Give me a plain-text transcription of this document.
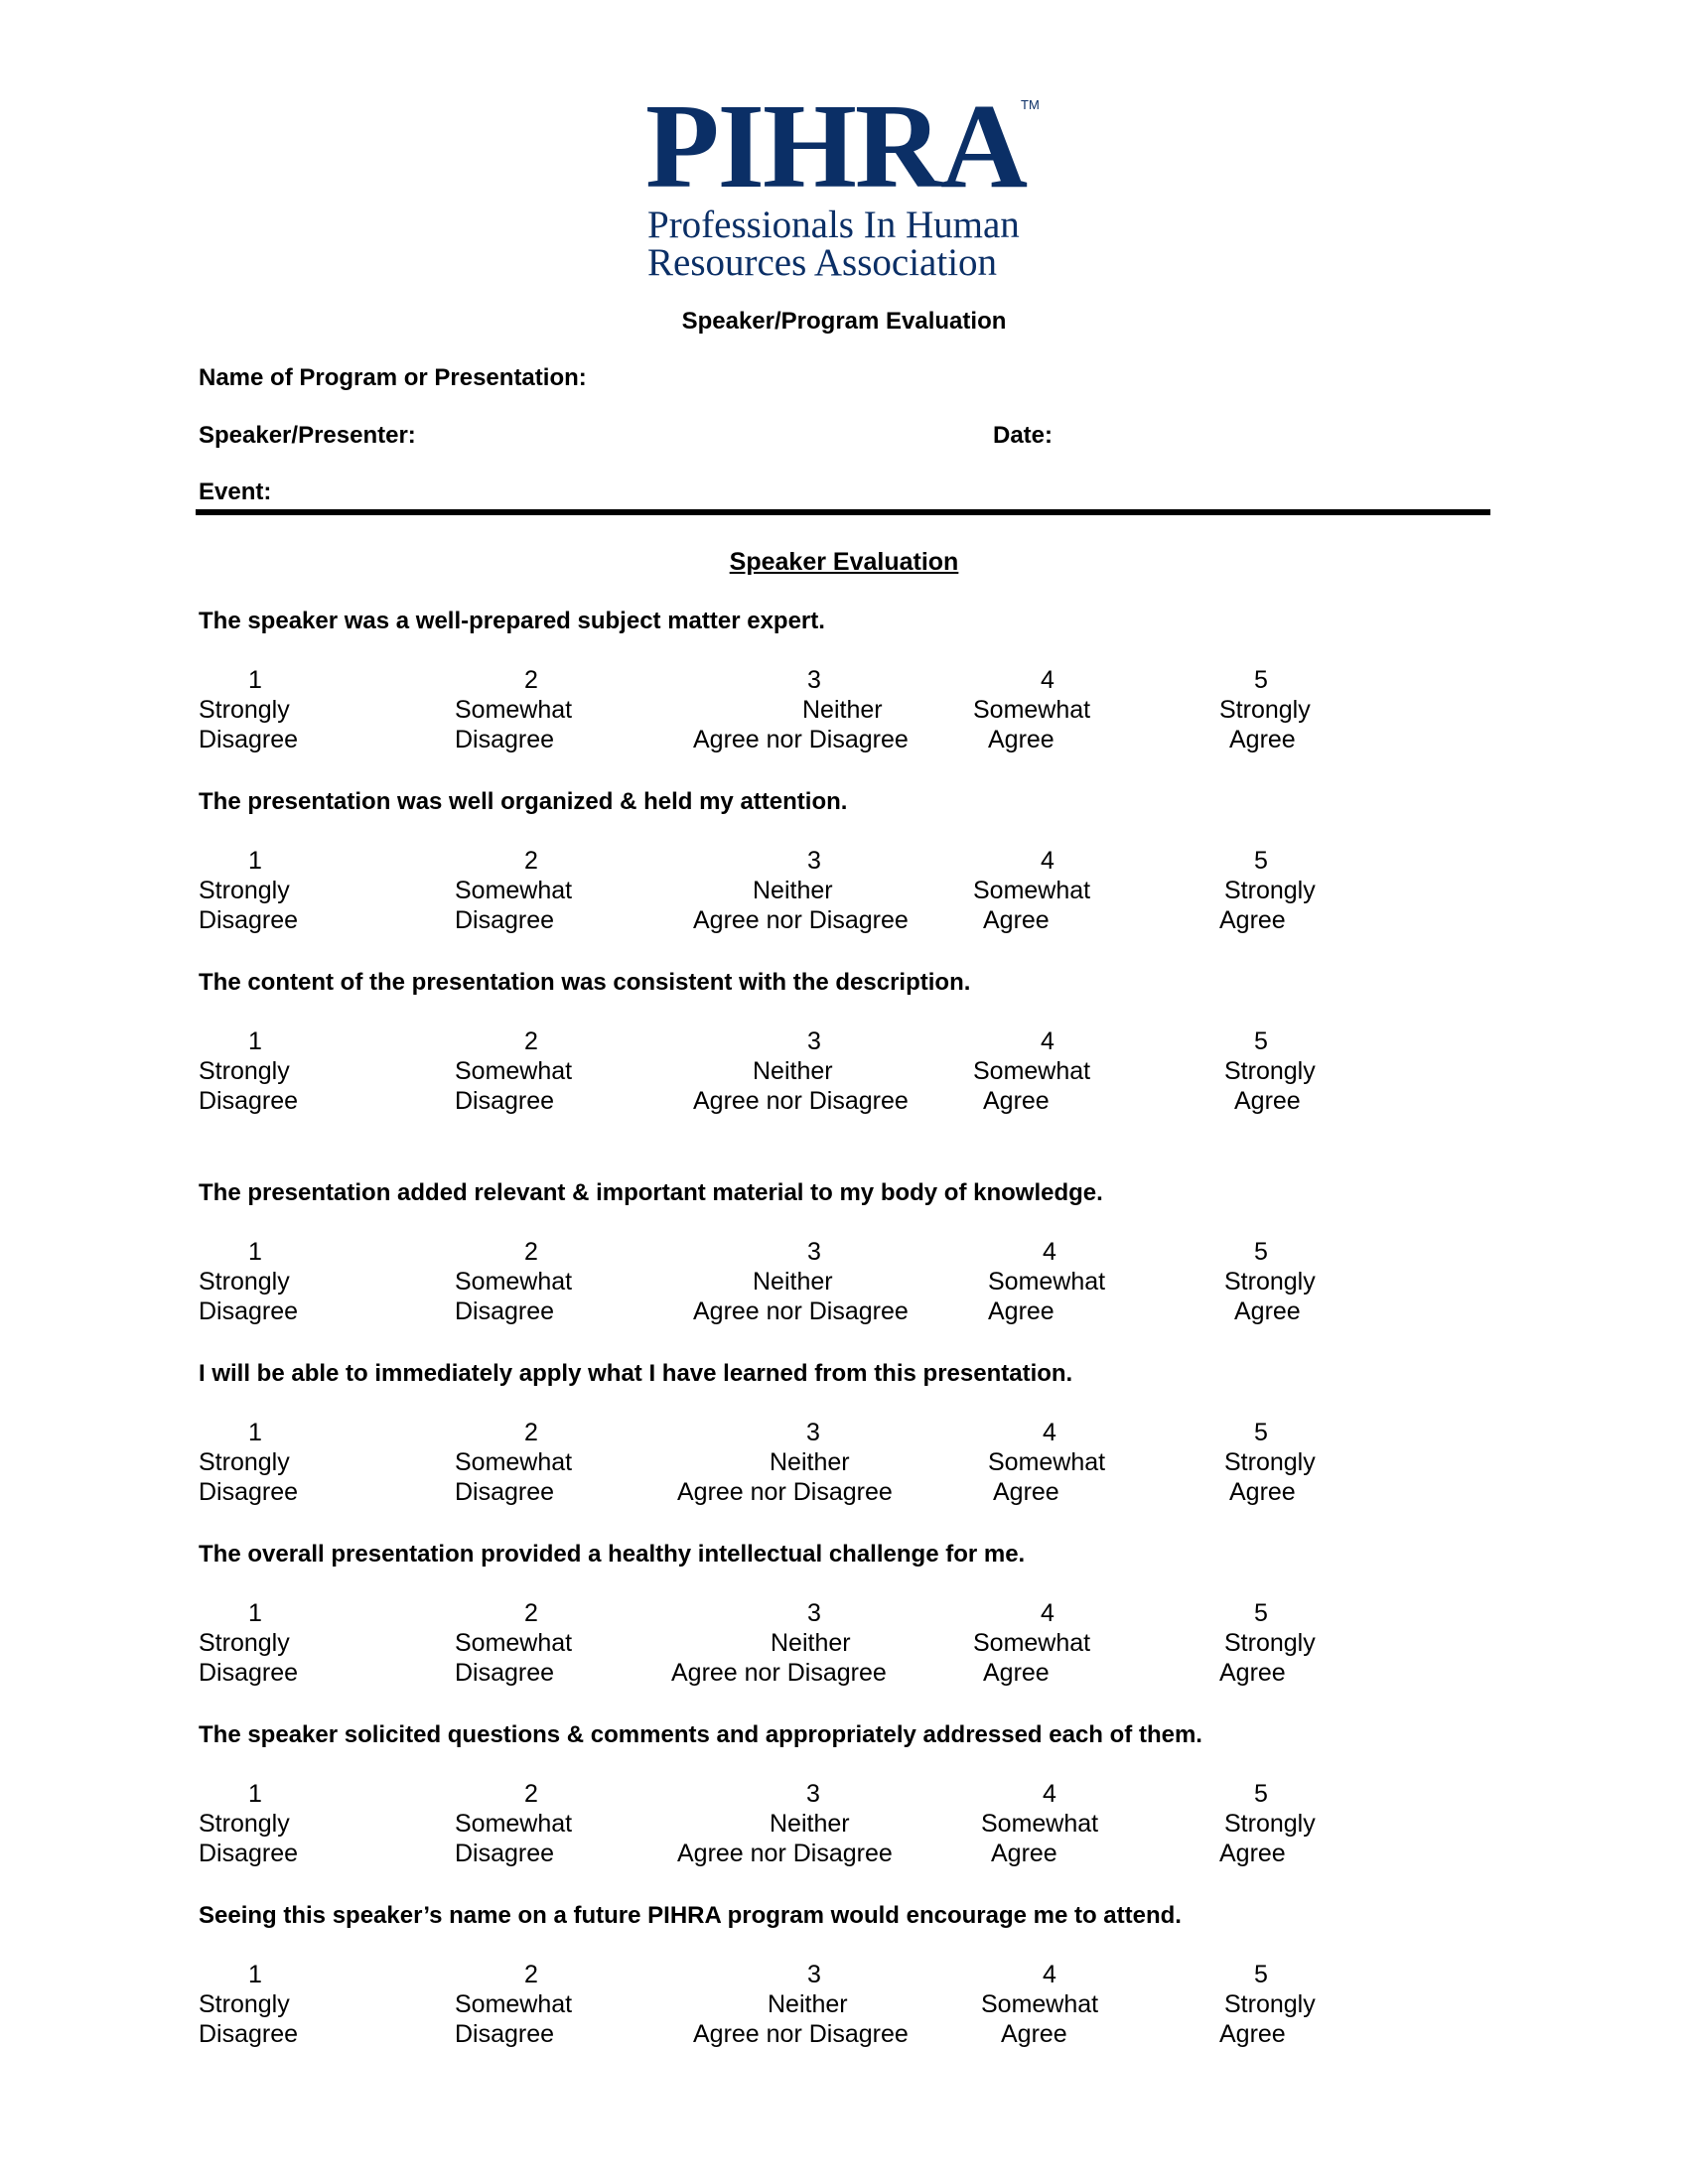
PIHRA
TM
Professionals In Human
Resources Association
Speaker/Program Evaluation
Name of Program or Presentation:
Speaker/Presenter:	Date:
Event:
Speaker Evaluation
The speaker was a well-prepared subject matter expert.
1
Strongly
Disagree
2
Somewhat
Disagree
3
Neither
Agree nor Disagree
4
Somewhat
Agree
5
Strongly
Agree
The presentation was well organized & held my attention.
1
Strongly
Disagree
2
Somewhat
Disagree
3
Neither
Agree nor Disagree
4
Somewhat
Agree
5
Strongly
Agree
The content of the presentation was consistent with the description.
1
Strongly
Disagree
2
Somewhat
Disagree
3
Neither
Agree nor Disagree
4
Somewhat
Agree
5
Strongly
Agree
The presentation added relevant & important material to my body of knowledge.
1
Strongly
Disagree
2
Somewhat
Disagree
3
Neither
Agree nor Disagree
4
Somewhat
Agree
5
Strongly
Agree
I will be able to immediately apply what I have learned from this presentation.
1
Strongly
Disagree
2
Somewhat
Disagree
3
Neither
Agree nor Disagree
4
Somewhat
Agree
5
Strongly
Agree
The overall presentation provided a healthy intellectual challenge for me.
1
Strongly
Disagree
2
Somewhat
Disagree
3
Neither
Agree nor Disagree
4
Somewhat
Agree
5
Strongly
Agree
The speaker solicited questions & comments and appropriately addressed each of them.
1
Strongly
Disagree
2
Somewhat
Disagree
3
Neither
Agree nor Disagree
4
Somewhat
Agree
5
Strongly
Agree
Seeing this speaker’s name on a future PIHRA program would encourage me to attend.
1
Strongly
Disagree
2
Somewhat
Disagree
3
Neither
Agree nor Disagree
4
Somewhat
Agree
5
Strongly
Agree
